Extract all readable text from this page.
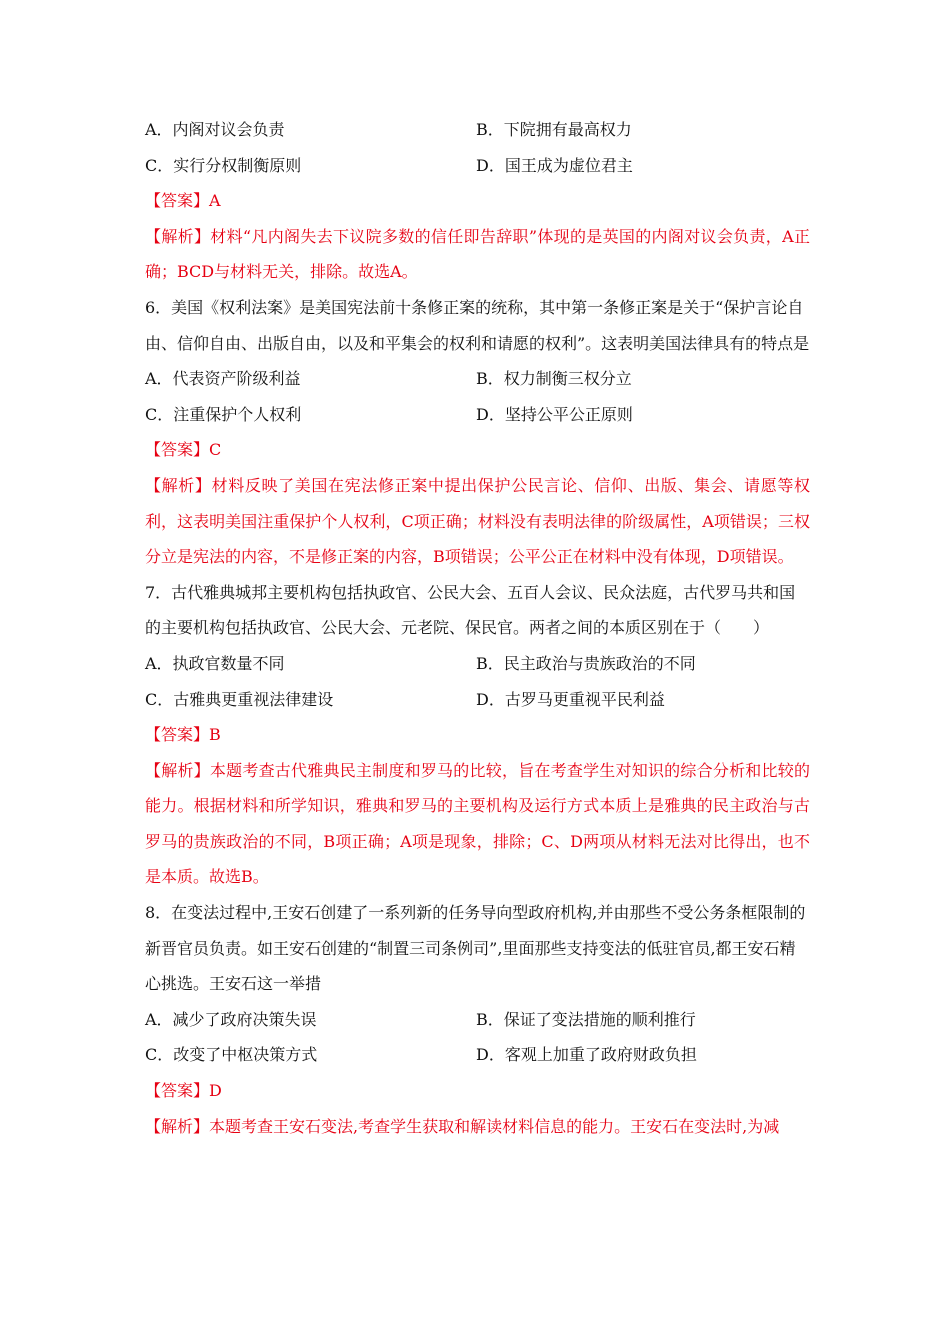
A．内阁对议会负责	B．下院拥有最高权力
C．实行分权制衡原则	D．国王成为虚位君主
【答案】A
【解析】材料“凡内阁失去下议院多数的信任即告辞职”体现的是英国的内阁对议会负责，A正确；BCD与材料无关，排除。故选A。
6．美国《权利法案》是美国宪法前十条修正案的统称，其中第一条修正案是关于“保护言论自由、信仰自由、出版自由，以及和平集会的权利和请愿的权利”。这表明美国法律具有的特点是
A．代表资产阶级利益	B．权力制衡三权分立
C．注重保护个人权利	D．坚持公平公正原则
【答案】C
【解析】材料反映了美国在宪法修正案中提出保护公民言论、信仰、出版、集会、请愿等权利，这表明美国注重保护个人权利，C项正确；材料没有表明法律的阶级属性，A项错误；三权分立是宪法的内容，不是修正案的内容，B项错误；公平公正在材料中没有体现，D项错误。
7．古代雅典城邦主要机构包括执政官、公民大会、五百人会议、民众法庭，古代罗马共和国的主要机构包括执政官、公民大会、元老院、保民官。两者之间的本质区别在于（　　）
A．执政官数量不同	B．民主政治与贵族政治的不同
C．古雅典更重视法律建设	D．古罗马更重视平民利益
【答案】B
【解析】本题考查古代雅典民主制度和罗马的比较，旨在考查学生对知识的综合分析和比较的能力。根据材料和所学知识，雅典和罗马的主要机构及运行方式本质上是雅典的民主政治与古罗马的贵族政治的不同，B项正确；A项是现象，排除；C、D两项从材料无法对比得出，也不是本质。故选B。
8．在变法过程中,王安石创建了一系列新的任务导向型政府机构,并由那些不受公务条框限制的新晋官员负责。如王安石创建的“制置三司条例司”,里面那些支持变法的低驻官员,都王安石精心挑选。王安石这一举措
A．减少了政府决策失误	B．保证了变法措施的顺利推行
C．改变了中枢决策方式	D．客观上加重了政府财政负担
【答案】D
【解析】本题考查王安石变法,考查学生获取和解读材料信息的能力。王安石在变法时,为减
